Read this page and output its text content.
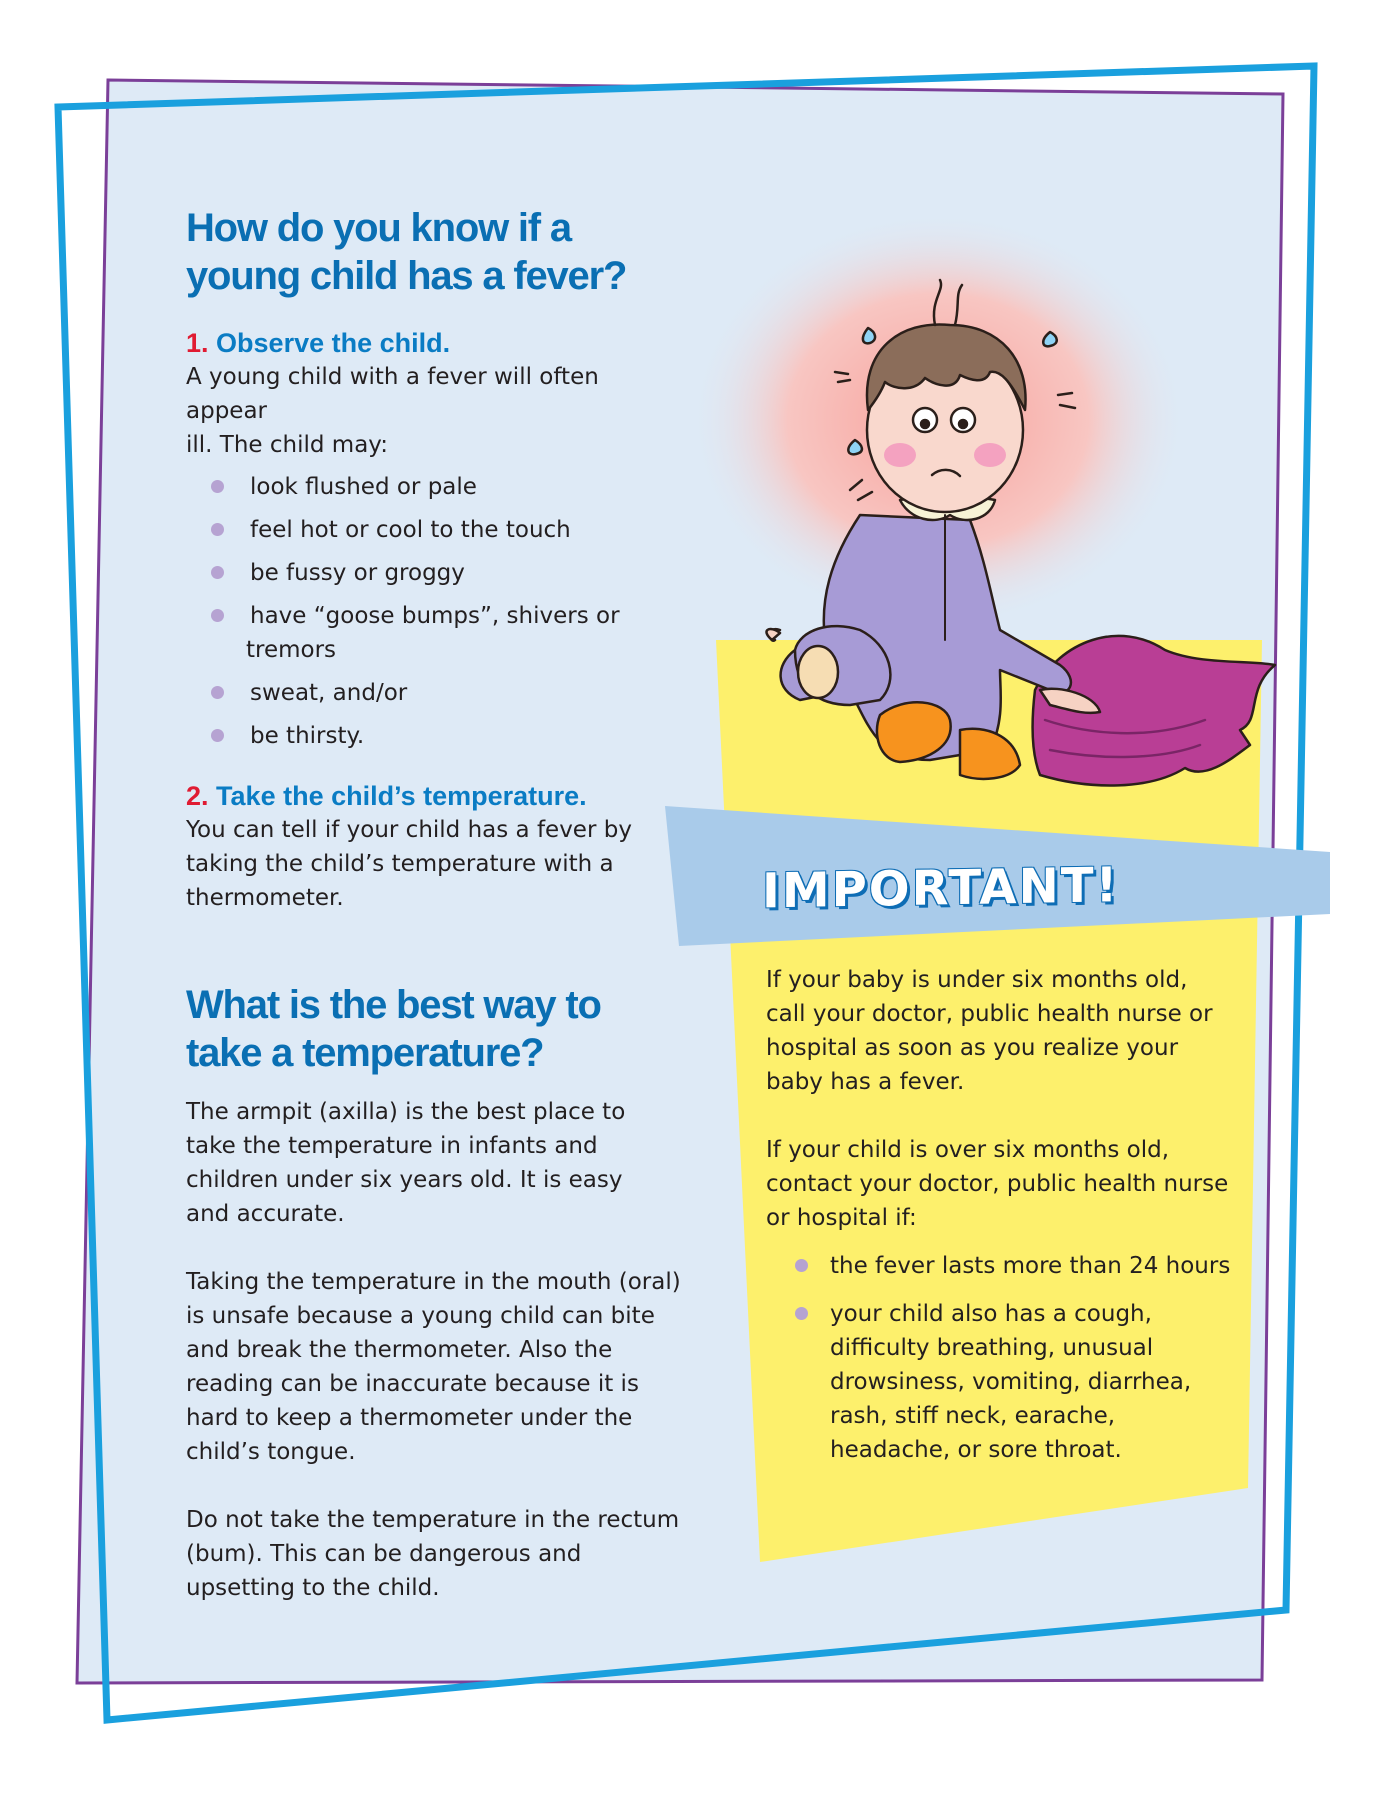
How do you know if a
young child has a fever?

1. Observe the child.

A young child with a fever will often appear
ill. The child may:

look flushed or pale
feel hot or cool to the touch
be fussy or groggy
have “goose bumps”, shivers or
tremors
sweat, and/or
be thirsty.

2. Take the child’s temperature.

You can tell if your child has a fever by
taking the child’s temperature with a
thermometer.

What is the best way to
take a temperature?

The armpit (axilla) is the best place to
take the temperature in infants and
children under six years old. It is easy
and accurate.

Taking the temperature in the mouth (oral)
is unsafe because a young child can bite
and break the thermometer. Also the
reading can be inaccurate because it is
hard to keep a thermometer under the
child’s tongue.

Do not take the temperature in the rectum
(bum). This can be dangerous and
upsetting to the child.

IMPORTANT!

If your baby is under six months old,
call your doctor, public health nurse or
hospital as soon as you realize your
baby has a fever.

If your child is over six months old,
contact your doctor, public health nurse
or hospital if:

the fever lasts more than 24 hours
your child also has a cough,
difficulty breathing, unusual
drowsiness, vomiting, diarrhea,
rash, stiff neck, earache,
headache, or sore throat.
